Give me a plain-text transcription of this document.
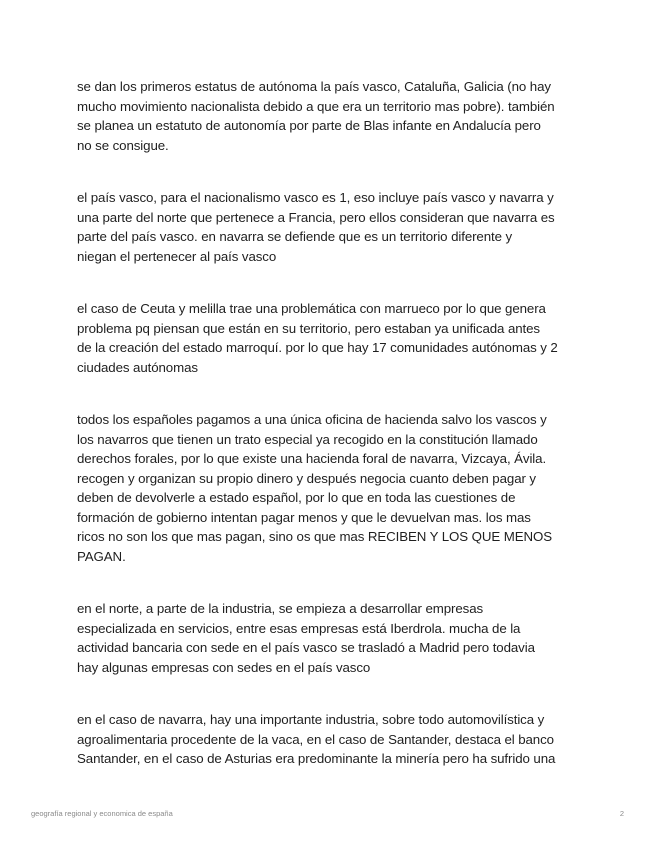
se dan los primeros estatus de autónoma la país vasco, Cataluña, Galicia (no hay
mucho movimiento nacionalista debido a que era un territorio mas pobre). también
se planea un estatuto de autonomía por parte de Blas infante en Andalucía pero
no se consigue.

el país vasco, para el nacionalismo vasco es 1, eso incluye país vasco y navarra y
una parte del norte que pertenece a Francia, pero ellos consideran que navarra es
parte del país vasco. en navarra se defiende que es un territorio diferente y
niegan el pertenecer al país vasco

el caso de Ceuta y melilla trae una problemática con marrueco por lo que genera
problema pq piensan que están en su territorio, pero estaban ya unificada antes
de la creación del estado marroquí. por lo que hay 17 comunidades autónomas y 2
ciudades autónomas

todos los españoles pagamos a una única oficina de hacienda salvo los vascos y
los navarros que tienen un trato especial ya recogido en la constitución llamado
derechos forales, por lo que existe una hacienda foral de navarra, Vizcaya, Ávila.
recogen y organizan su propio dinero y después negocia cuanto deben pagar y
deben de devolverle a estado español, por lo que en toda las cuestiones de
formación de gobierno intentan pagar menos y que le devuelvan mas. los mas
ricos no son los que mas pagan, sino os que mas RECIBEN Y LOS QUE MENOS
PAGAN.

en el norte, a parte de la industria, se empieza a desarrollar empresas
especializada en servicios, entre esas empresas está Iberdrola. mucha de la
actividad bancaria con sede en el país vasco se trasladó a Madrid pero todavia
hay algunas empresas con sedes en el país vasco

en el caso de navarra, hay una importante industria, sobre todo automovilística y
agroalimentaria procedente de la vaca, en el caso de Santander, destaca el banco
Santander, en el caso de Asturias era predominante la minería pero ha sufrido una

geografía regional y economica de españa	2
